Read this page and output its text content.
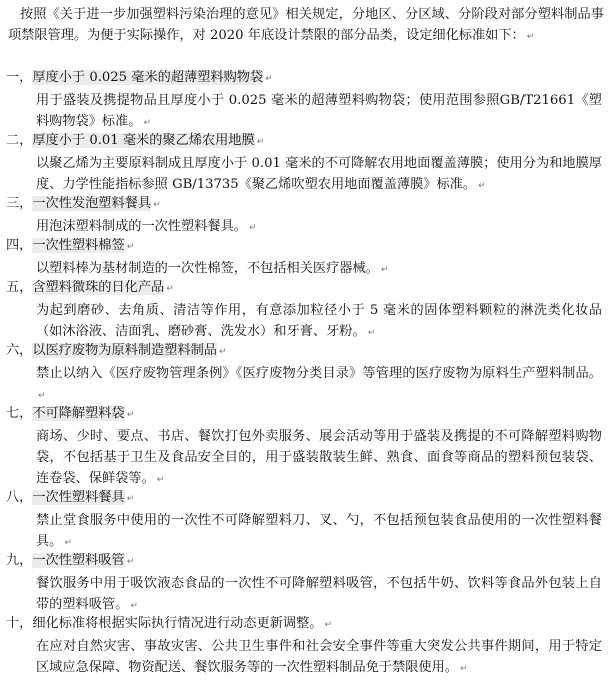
按照《关于进一步加强塑料污染治理的意见》相关规定，分地区、分区域、分阶段对部分塑料制品事项禁限管理。为便于实际操作，对 2020 年底设计禁限的部分品类，设定细化标准如下： ↵
一，厚度小于 0.025 毫米的超薄塑料购物袋 ↵
用于盛装及携提物品且厚度小于 0.025 毫米的超薄塑料购物袋；使用范围参照GB/T21661《塑料购物袋》标准。 ↵
二，厚度小于 0.01 毫米的聚乙烯农用地膜 ↵
以聚乙烯为主要原料制成且厚度小于 0.01 毫米的不可降解农用地面覆盖薄膜；使用分为和地膜厚度、力学性能指标参照 GB/13735《聚乙烯吹塑农用地面覆盖薄膜》标准。 ↵
三，一次性发泡塑料餐具 ↵
用泡沫塑料制成的一次性塑料餐具。 ↵
四，一次性塑料棉签 ↵
以塑料棒为基材制造的一次性棉签，不包括相关医疗器械。 ↵
五，含塑料微珠的日化产品 ↵
为起到磨砂、去角质、清洁等作用，有意添加粒径小于 5 毫米的固体塑料颗粒的淋洗类化妆品（如沐浴液、洁面乳、磨砂膏、洗发水）和牙膏、牙粉。 ↵
六，以医疗废物为原料制造塑料制品 ↵
禁止以纳入《医疗废物管理条例》《医疗废物分类目录》等管理的医疗废物为原料生产塑料制品。↵
七，不可降解塑料袋 ↵
商场、少时、要点、书店、餐饮打包外卖服务、展会活动等用于盛装及携提的不可降解塑料购物袋，不包括基于卫生及食品安全目的，用于盛装散装生鲜、熟食、面食等商品的塑料预包装袋、连卷袋、保鲜袋等。 ↵
八，一次性塑料餐具 ↵
禁止堂食服务中使用的一次性不可降解塑料刀、叉、勺，不包括预包装食品使用的一次性塑料餐具。 ↵
九，一次性塑料吸管 ↵
餐饮服务中用于吸饮液态食品的一次性不可降解塑料吸管，不包括牛奶、饮料等食品外包装上自带的塑料吸管。 ↵
十，细化标准将根据实际执行情况进行动态更新调整。 ↵
在应对自然灾害、事故灾害、公共卫生事件和社会安全事件等重大突发公共事件期间，用于特定区域应急保障、物资配送、餐饮服务等的一次性塑料制品免于禁限使用。 ↵
